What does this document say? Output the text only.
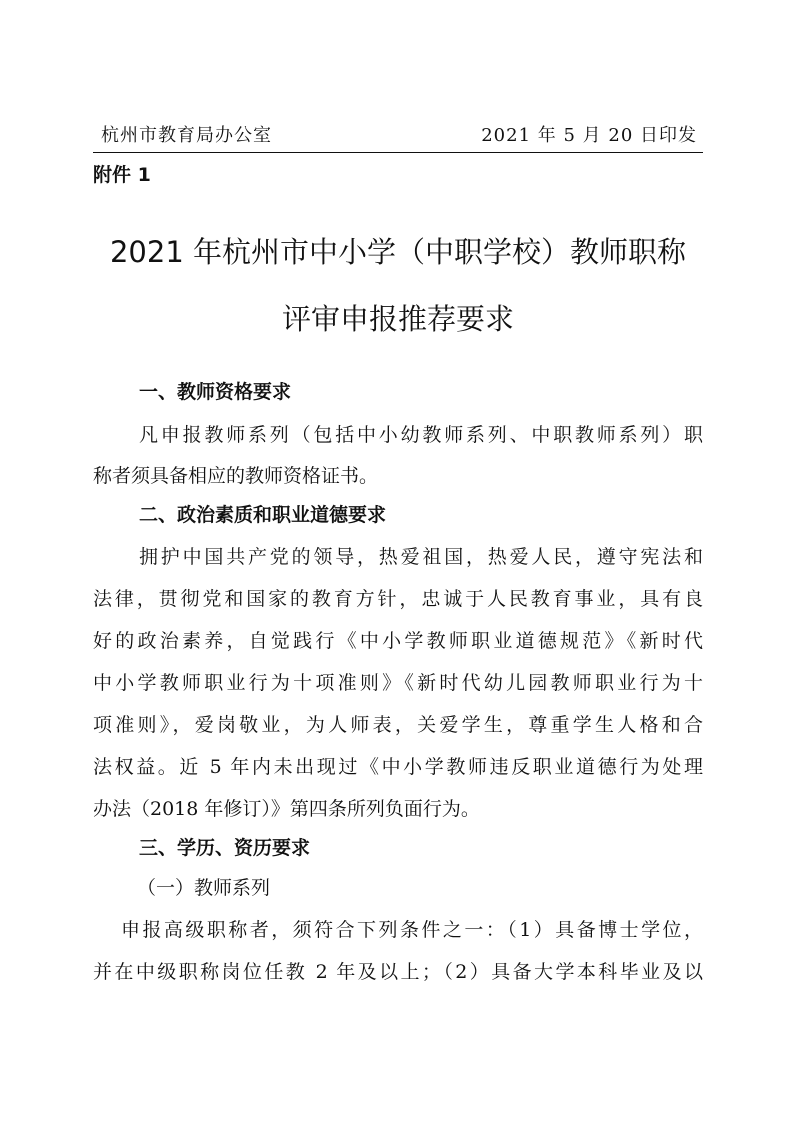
杭州市教育局办公室	2021 年 5 月 20 日印发
附件 1
2021 年杭州市中小学（中职学校）教师职称
评审申报推荐要求
一、教师资格要求
凡申报教师系列（包括中小幼教师系列、中职教师系列）职
称者须具备相应的教师资格证书。
二、政治素质和职业道德要求
拥护中国共产党的领导，热爱祖国，热爱人民，遵守宪法和
法律，贯彻党和国家的教育方针，忠诚于人民教育事业，具有良
好的政治素养，自觉践行《中小学教师职业道德规范》《新时代
中小学教师职业行为十项准则》《新时代幼儿园教师职业行为十
项准则》，爱岗敬业，为人师表，关爱学生，尊重学生人格和合
法权益。近 5 年内未出现过《中小学教师违反职业道德行为处理
办法（2018 年修订）》第四条所列负面行为。
三、学历、资历要求
（一）教师系列
申报高级职称者，须符合下列条件之一：（1）具备博士学位，
并在中级职称岗位任教 2 年及以上；（2）具备大学本科毕业及以
